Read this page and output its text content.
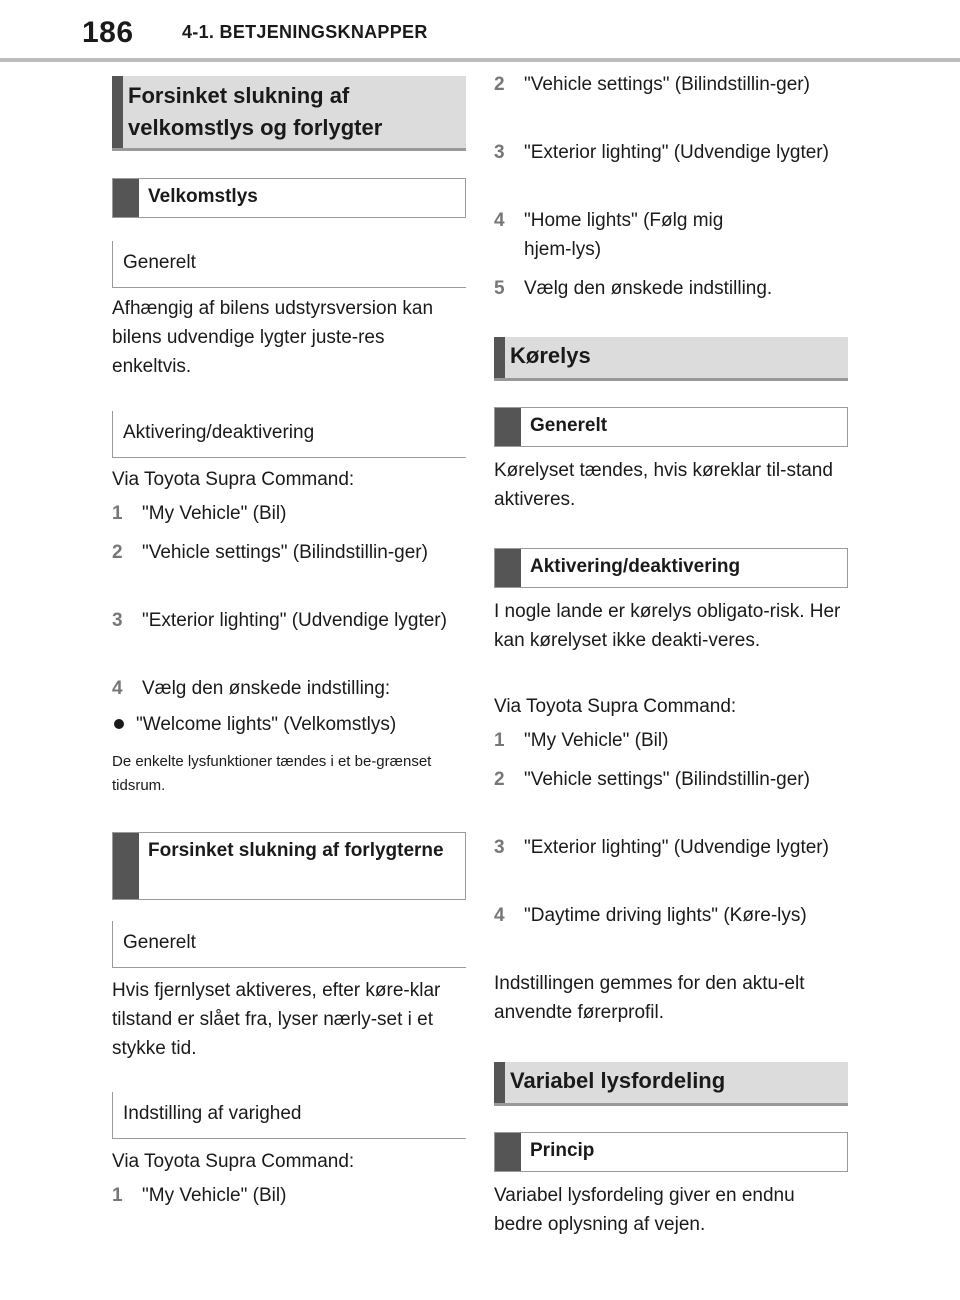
186	4-1. BETJENINGSKNAPPER
Forsinket slukning af velkomstlys og forlygter
Velkomstlys
Generelt

Afhængig af bilens udstyrsversion kan bilens udvendige lygter juste-res enkeltvis.

Aktivering/deaktivering

Via Toyota Supra Command:

1 "My Vehicle" (Bil)
2 "Vehicle settings" (Bilindstillin-ger)
3 "Exterior lighting" (Udvendige lygter)
4 Vælg den ønskede indstilling:
"Welcome lights" (Velkomstlys)

De enkelte lysfunktioner tændes i et be-grænset tidsrum.

Forsinket slukning af forlygterne
Generelt

Hvis fjernlyset aktiveres, efter køre-klar tilstand er slået fra, lyser nærly-set i et stykke tid.

Indstilling af varighed

Via Toyota Supra Command:

1 "My Vehicle" (Bil)
2 "Vehicle settings" (Bilindstillin-ger)
3 "Exterior lighting" (Udvendige lygter)
4 "Home lights" (Følg mig hjem-lys)
5 Vælg den ønskede indstilling.
Kørelys
Generelt

Kørelyset tændes, hvis køreklar til-stand aktiveres.

Aktivering/deaktivering

I nogle lande er kørelys obligato-risk. Her kan kørelyset ikke deakti-veres.

Via Toyota Supra Command:

1 "My Vehicle" (Bil)
2 "Vehicle settings" (Bilindstillin-ger)
3 "Exterior lighting" (Udvendige lygter)
4 "Daytime driving lights" (Køre-lys)

Indstillingen gemmes for den aktu-elt anvendte førerprofil.

Variabel lysfordeling
Princip

Variabel lysfordeling giver en endnu bedre oplysning af vejen.
